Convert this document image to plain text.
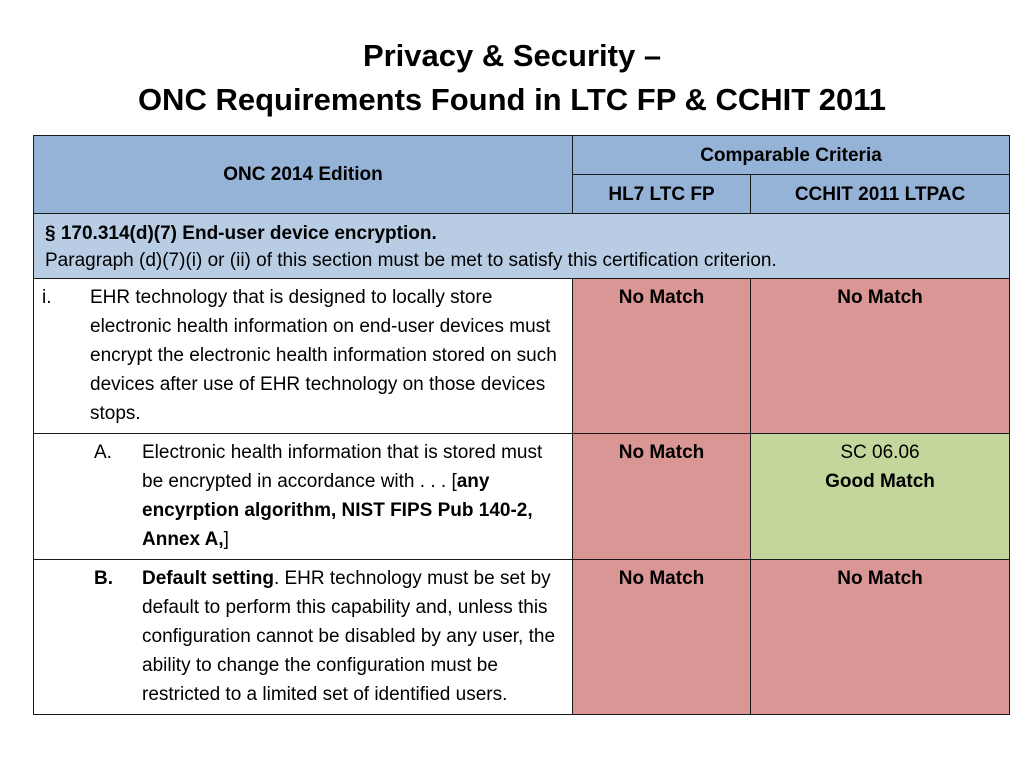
Privacy & Security –
ONC Requirements Found in LTC FP & CCHIT 2011
ONC 2014 Edition	Comparable Criteria	
	HL7 LTC FP	CCHIT 2011 LTPAC

§ 170.314(d)(7) End-user device encryption.
Paragraph (d)(7)(i) or (ii) of this section must be met to satisfy this certification criterion.		

i. EHR technology that is designed to locally store electronic health information on end-user devices must encrypt the electronic health information stored on such devices after use of EHR technology on those devices stops.	No Match	No Match

A. Electronic health information that is stored must be encrypted in accordance with . . . [any encyrption algorithm, NIST FIPS Pub 140-2, Annex A,]	No Match	SC 06.06
Good Match

B. Default setting. EHR technology must be set by default to perform this capability and, unless this configuration cannot be disabled by any user, the ability to change the configuration must be restricted to a limited set of identified users.	No Match	No Match
